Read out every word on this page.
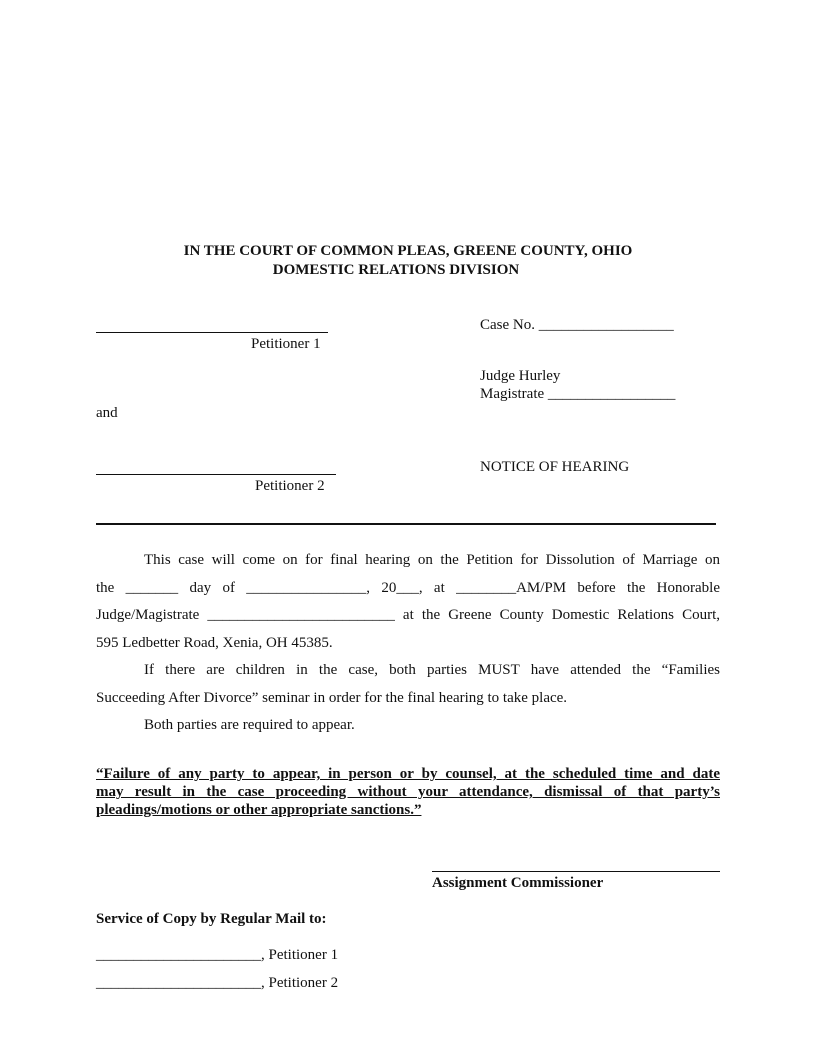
IN THE COURT OF COMMON PLEAS, GREENE COUNTY, OHIO
DOMESTIC RELATIONS DIVISION
Petitioner 1
and
Petitioner 2
Case No. __________________
Judge Hurley
Magistrate _________________
NOTICE OF HEARING

This case will come on for final hearing on the Petition for Dissolution of Marriage on

the _______ day of ________________, 20___, at ________AM/PM before the Honorable

Judge/Magistrate _________________________ at the Greene County Domestic Relations Court,

595 Ledbetter Road, Xenia, OH 45385.

If there are children in the case, both parties MUST have attended the “Families

Succeeding After Divorce” seminar in order for the final hearing to take place.

Both parties are required to appear.

“Failure of any party to appear, in person or by counsel, at the scheduled time and date
may result in the case proceeding without your attendance, dismissal of that party’s
pleadings/motions or other appropriate sanctions.”
Assignment Commissioner
Service of Copy by Regular Mail to:
______________________, Petitioner 1
______________________, Petitioner 2
